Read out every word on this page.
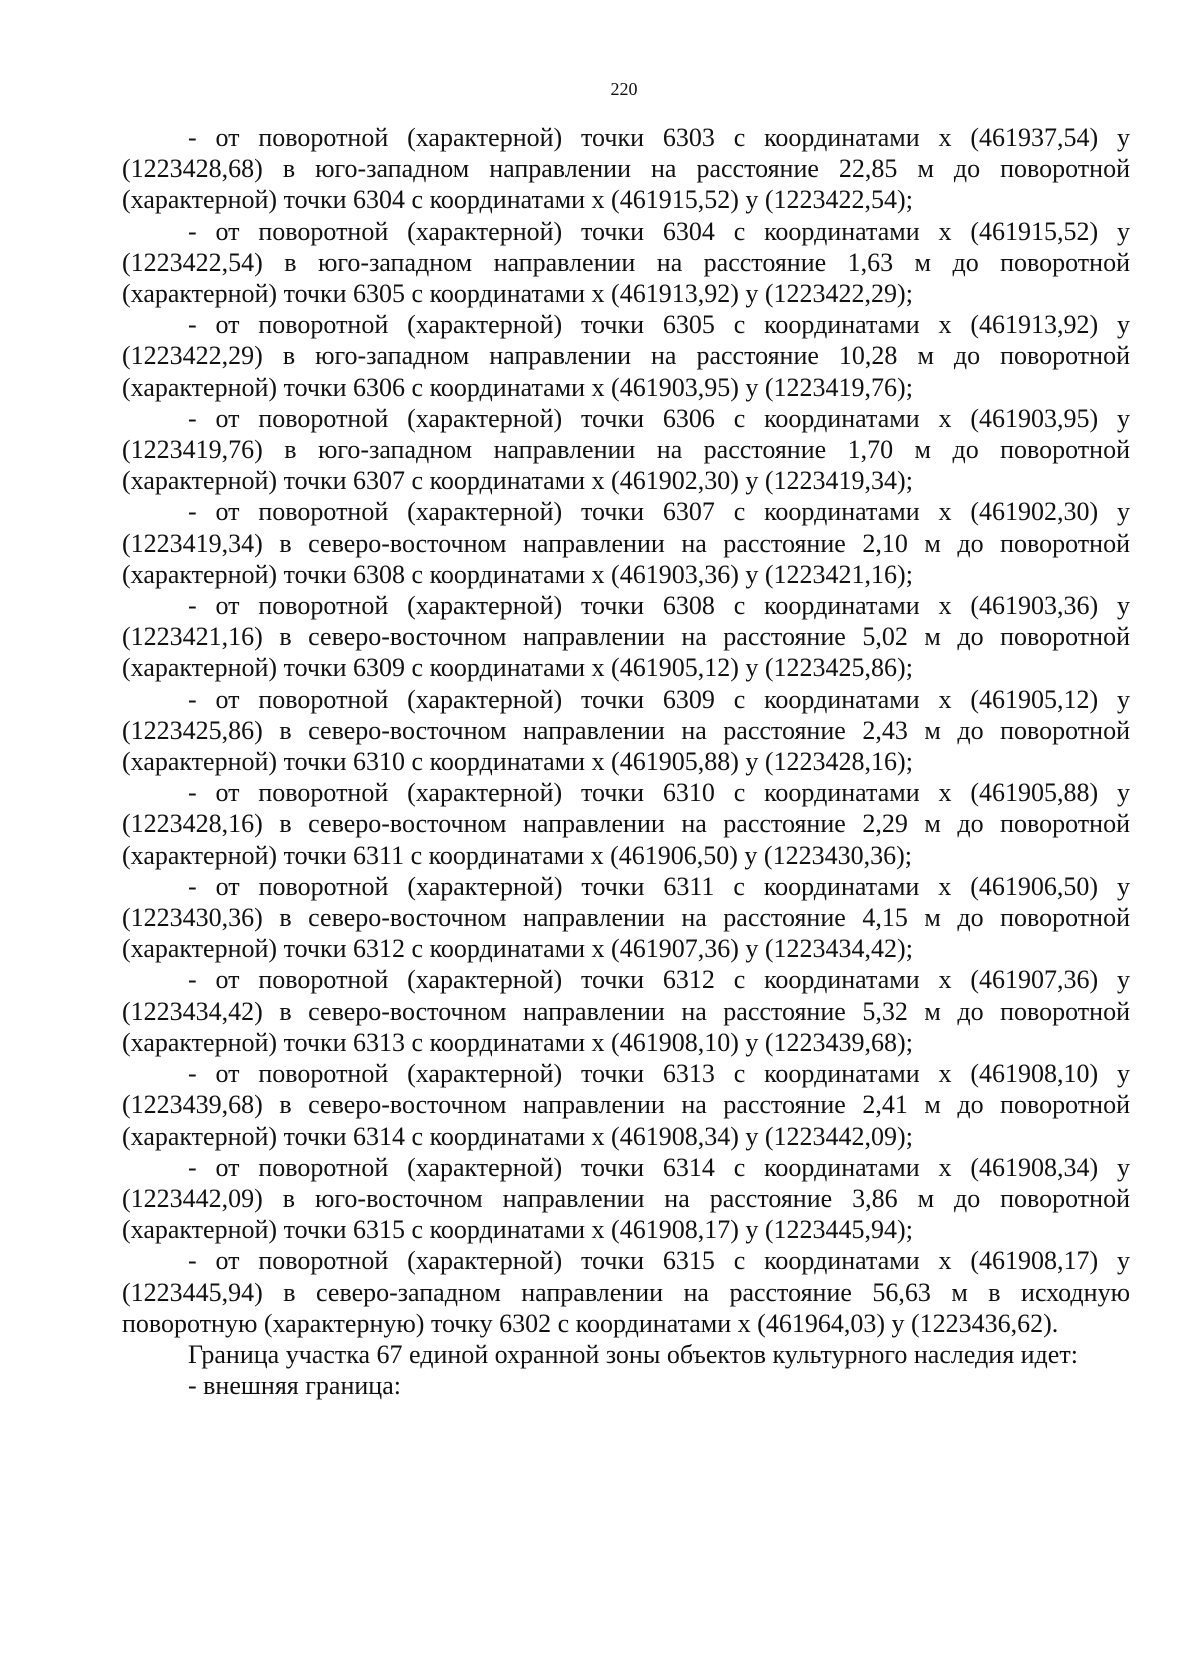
220

- от поворотной (характерной) точки 6303 с координатами х (461937,54) у (1223428,68) в юго-западном направлении на расстояние 22,85 м до поворотной (характерной) точки 6304 с координатами х (461915,52) у (1223422,54);

- от поворотной (характерной) точки 6304 с координатами х (461915,52) у (1223422,54) в юго-западном направлении на расстояние 1,63 м до поворотной (характерной) точки 6305 с координатами х (461913,92) у (1223422,29);

- от поворотной (характерной) точки 6305 с координатами х (461913,92) у (1223422,29) в юго-западном направлении на расстояние 10,28 м до поворотной (характерной) точки 6306 с координатами х (461903,95) у (1223419,76);

- от поворотной (характерной) точки 6306 с координатами х (461903,95) у (1223419,76) в юго-западном направлении на расстояние 1,70 м до поворотной (характерной) точки 6307 с координатами х (461902,30) у (1223419,34);

- от поворотной (характерной) точки 6307 с координатами х (461902,30) у (1223419,34) в северо-восточном направлении на расстояние 2,10 м до поворотной (характерной) точки 6308 с координатами х (461903,36) у (1223421,16);

- от поворотной (характерной) точки 6308 с координатами х (461903,36) у (1223421,16) в северо-восточном направлении на расстояние 5,02 м до поворотной (характерной) точки 6309 с координатами х (461905,12) у (1223425,86);

- от поворотной (характерной) точки 6309 с координатами х (461905,12) у (1223425,86) в северо-восточном направлении на расстояние 2,43 м до поворотной (характерной) точки 6310 с координатами х (461905,88) у (1223428,16);

- от поворотной (характерной) точки 6310 с координатами х (461905,88) у (1223428,16) в северо-восточном направлении на расстояние 2,29 м до поворотной (характерной) точки 6311 с координатами х (461906,50) у (1223430,36);

- от поворотной (характерной) точки 6311 с координатами х (461906,50) у (1223430,36) в северо-восточном направлении на расстояние 4,15 м до поворотной (характерной) точки 6312 с координатами х (461907,36) у (1223434,42);

- от поворотной (характерной) точки 6312 с координатами х (461907,36) у (1223434,42) в северо-восточном направлении на расстояние 5,32 м до поворотной (характерной) точки 6313 с координатами х (461908,10) у (1223439,68);

- от поворотной (характерной) точки 6313 с координатами х (461908,10) у (1223439,68) в северо-восточном направлении на расстояние 2,41 м до поворотной (характерной) точки 6314 с координатами х (461908,34) у (1223442,09);

- от поворотной (характерной) точки 6314 с координатами х (461908,34) у (1223442,09) в юго-восточном направлении на расстояние 3,86 м до поворотной (характерной) точки 6315 с координатами х (461908,17) у (1223445,94);

- от поворотной (характерной) точки 6315 с координатами х (461908,17) у (1223445,94) в северо-западном направлении на расстояние 56,63 м в исходную поворотную (характерную) точку 6302 с координатами х (461964,03) у (1223436,62).

Граница участка 67 единой охранной зоны объектов культурного наследия идет:

- внешняя граница:
